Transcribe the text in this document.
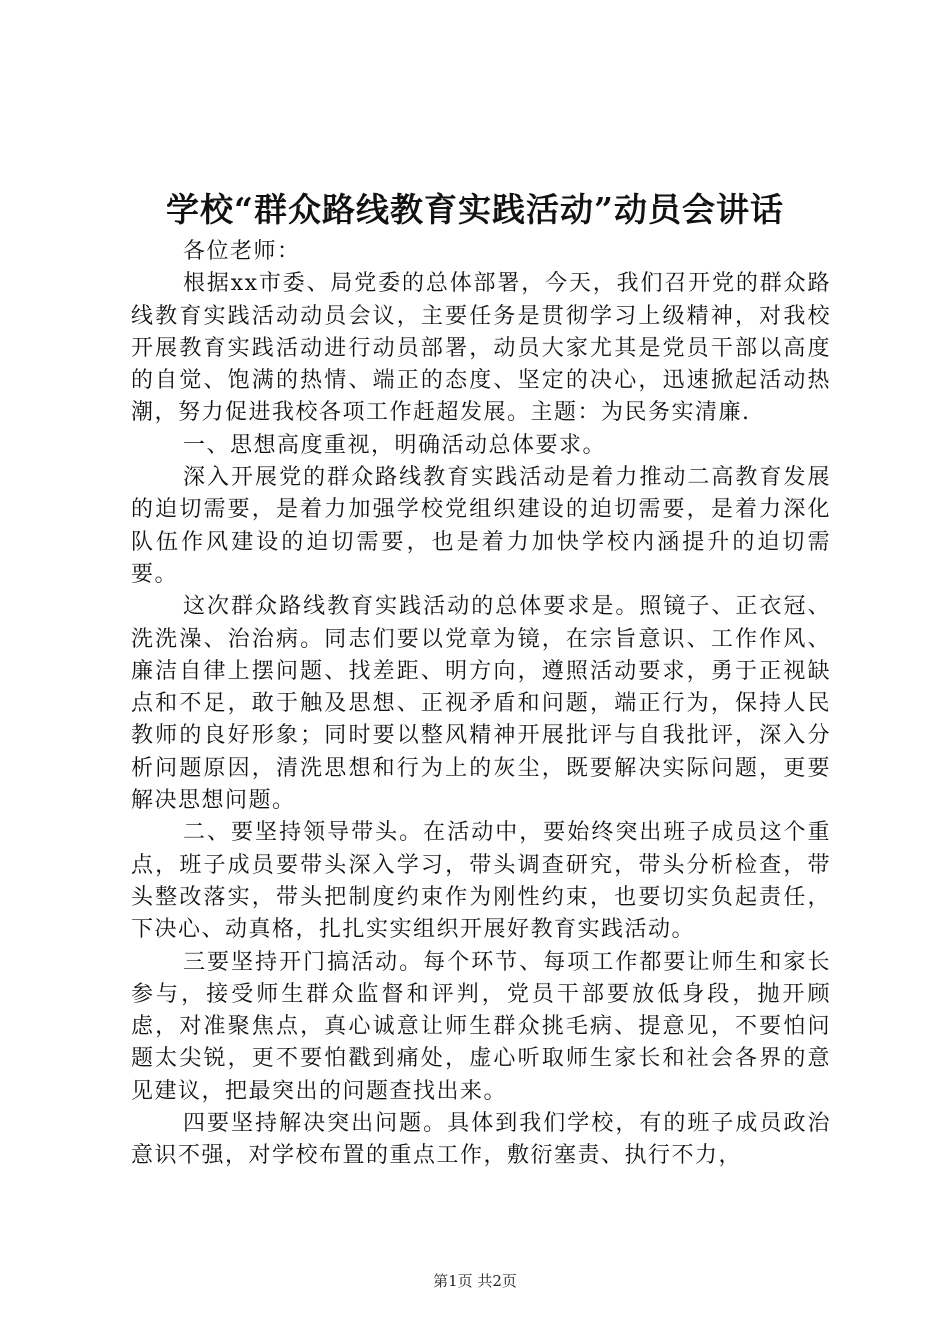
学校“群众路线教育实践活动”动员会讲话

各位老师：

根据xx市委、局党委的总体部署，今天，我们召开党的群众路线教育实践活动动员会议，主要任务是贯彻学习上级精神，对我校开展教育实践活动进行动员部署，动员大家尤其是党员干部以高度的自觉、饱满的热情、端正的态度、坚定的决心，迅速掀起活动热潮，努力促进我校各项工作赶超发展。主题：为民务实清廉.

一、思想高度重视，明确活动总体要求。

深入开展党的群众路线教育实践活动是着力推动二高教育发展的迫切需要，是着力加强学校党组织建设的迫切需要，是着力深化队伍作风建设的迫切需要，也是着力加快学校内涵提升的迫切需要。

这次群众路线教育实践活动的总体要求是。照镜子、正衣冠、洗洗澡、治治病。同志们要以党章为镜，在宗旨意识、工作作风、廉洁自律上摆问题、找差距、明方向，遵照活动要求，勇于正视缺点和不足，敢于触及思想、正视矛盾和问题，端正行为，保持人民教师的良好形象；同时要以整风精神开展批评与自我批评，深入分析问题原因，清洗思想和行为上的灰尘，既要解决实际问题，更要解决思想问题。

二、要坚持领导带头。在活动中，要始终突出班子成员这个重点，班子成员要带头深入学习，带头调查研究，带头分析检查，带头整改落实，带头把制度约束作为刚性约束，也要切实负起责任，下决心、动真格，扎扎实实组织开展好教育实践活动。

三要坚持开门搞活动。每个环节、每项工作都要让师生和家长参与，接受师生群众监督和评判，党员干部要放低身段，抛开顾虑，对准聚焦点，真心诚意让师生群众挑毛病、提意见，不要怕问题太尖锐，更不要怕戳到痛处，虚心听取师生家长和社会各界的意见建议，把最突出的问题查找出来。

四要坚持解决突出问题。具体到我们学校，有的班子成员政治意识不强，对学校布置的重点工作，敷衍塞责、执行不力，

第1页 共2页
